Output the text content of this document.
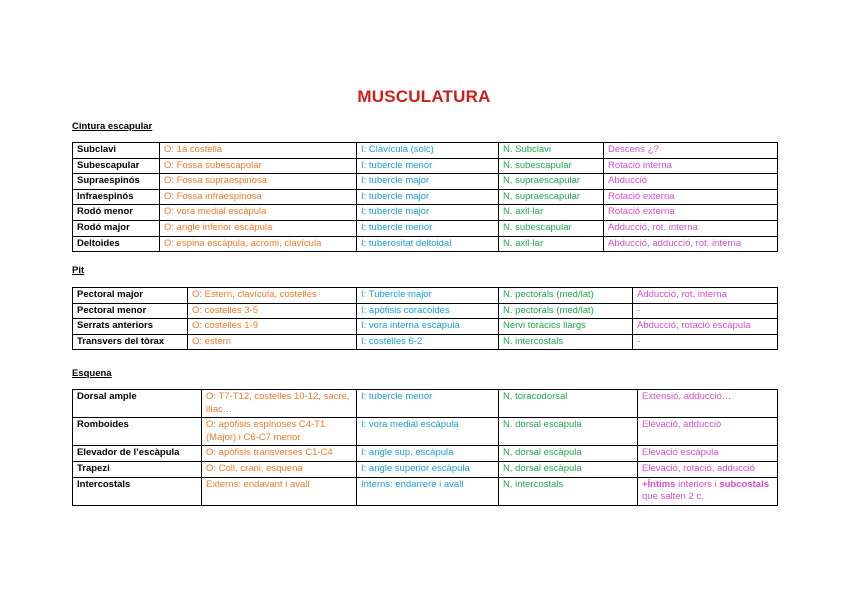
MUSCULATURA
Cintura escapular
Subclavi	O: 1a costella	I: Clavícula (solc)	N. Subclavi	Descens ¿?
Subescapular	O: Fossa subescapular	I: tubercle menor	N. subescapular	Rotació interna
Supraespinós	O: Fossa supraespinosa	I: tubercle major	N. supraescapular	Abducció
Infraespinós	O: Fossa infraespinosa	I: tubercle major	N. supraescapular	Rotació externa
Rodó menor	O: vora medial escàpula	I: tubercle major	N. axil·lar	Rotació externa
Rodó major	O: angle inferior escàpula	I: tubercle menor	N. subescapular	Adducció, rot. interna
Deltoides	O: espina escàpula, acromi, clavícula	I: tuberositat deltoidal	N. axil·lar	Abducció, adducció, rot. interna
Pit
Pectoral major	O: Estern, clavícula, costelles	I: Tubercle major	N. pectorals (med/lat)	Adducció, rot. interna
Pectoral menor	O: costelles 3-5	I: apòfisis coracoides	N. pectorals (med/lat)	-
Serrats anteriors	O: costelles 1-9	I: vora interna escàpula	Nervi toràcics llargs	Abducció, rotació escàpula
Transvers del tòrax	O: estern	I: costelles 6-2	N. intercostals	-
Esquena
Dorsal ample	O: T7-T12, costelles 10-12, sacre, ilíac…	I: tubercle menor	N. toracodorsal	Extensió, adducció…
Romboides	O: apòfisis espinoses C4-T1 (Major) i C6-C7 menor	I: vora medial escàpula	N. dorsal escàpula	Elevació, adducció
Elevador de l’escàpula	O: apòfisis transverses C1-C4	I: angle sup. escàpula	N. dorsal escàpula	Elevació escàpula
Trapezi	O: Coll, crani, esquena	I: angle superior escàpula	N. dorsal escàpula	Elevació, rotació, adducció
Intercostals	Externs: endavant i avall	Interns: endarrere i avall	N. intercostals	+Íntims interiors i subcostals que salten 2 c.
